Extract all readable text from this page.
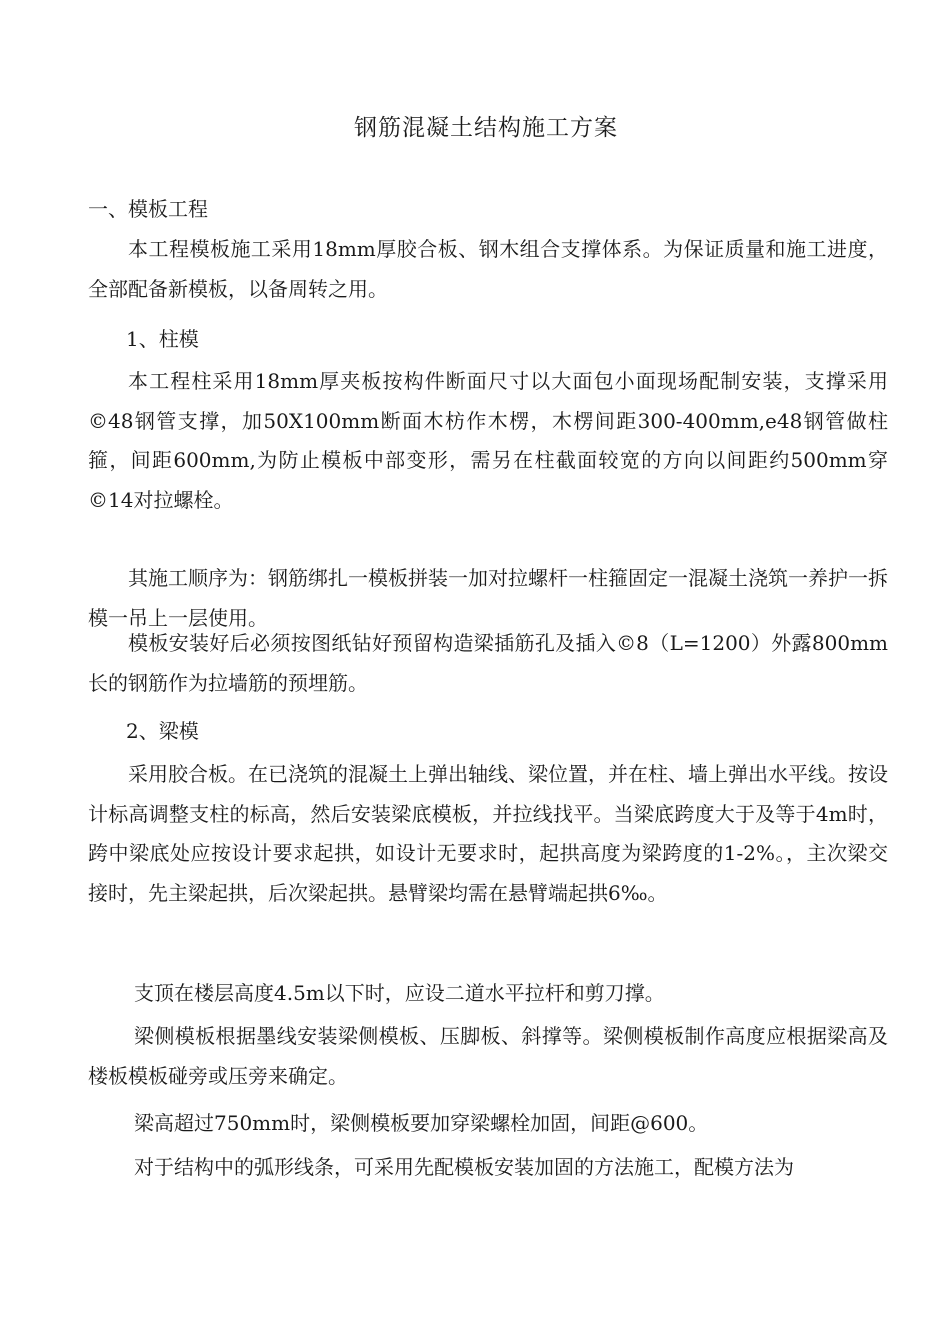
钢筋混凝土结构施工方案
一、模板工程
本工程模板施工采用18mm厚胶合板、钢木组合支撑体系。为保证质量和施工进度，全部配备新模板，以备周转之用。
1、柱模
本工程柱采用18mm厚夹板按构件断面尺寸以大面包小面现场配制安装，支撑采用©48钢管支撑，加50X100mm断面木枋作木楞，木楞间距300-400mm,e48钢管做柱箍，间距600mm,为防止模板中部变形，需另在柱截面较宽的方向以间距约500mm穿©14对拉螺栓。
其施工顺序为：钢筋绑扎一模板拼装一加对拉螺杆一柱箍固定一混凝土浇筑一养护一拆模一吊上一层使用。
模板安装好后必须按图纸钻好预留构造梁插筋孔及插入©8（L=1200）外露800mm长的钢筋作为拉墙筋的预埋筋。
2、梁模
采用胶合板。在已浇筑的混凝土上弹出轴线、梁位置，并在柱、墙上弹出水平线。按设计标高调整支柱的标高，然后安装梁底模板，并拉线找平。当梁底跨度大于及等于4m时，跨中梁底处应按设计要求起拱，如设计无要求时，起拱高度为梁跨度的1-2%。，主次梁交接时，先主梁起拱，后次梁起拱。悬臂梁均需在悬臂端起拱6‰。
支顶在楼层高度4.5m以下时，应设二道水平拉杆和剪刀撑。
梁侧模板根据墨线安装梁侧模板、压脚板、斜撑等。梁侧模板制作高度应根据梁高及楼板模板碰旁或压旁来确定。
梁高超过750mm时，梁侧模板要加穿梁螺栓加固，间距@600。
对于结构中的弧形线条，可采用先配模板安装加固的方法施工，配模方法为
